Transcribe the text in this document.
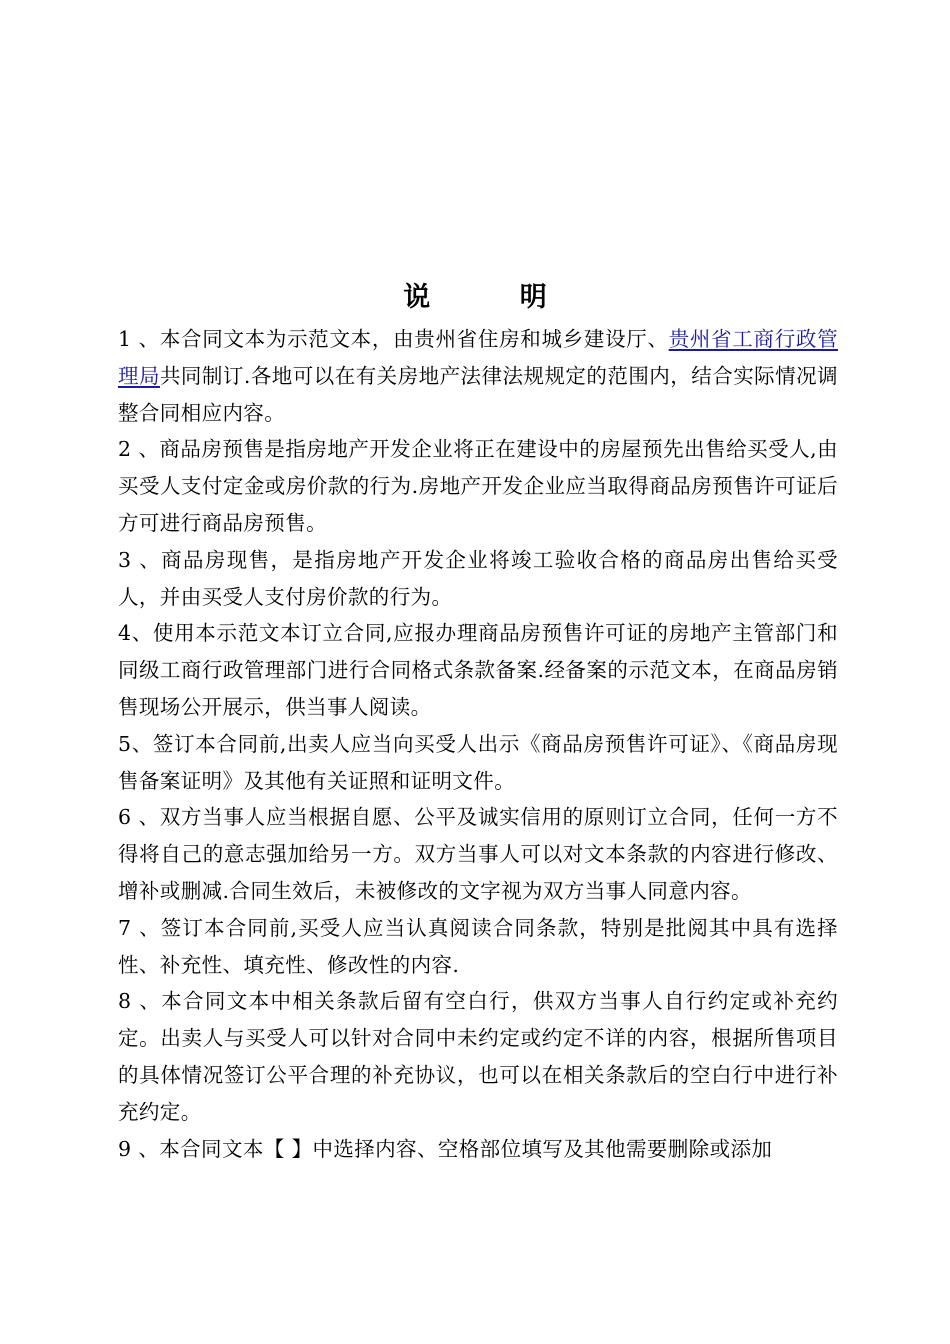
说 明

1 、本合同文本为示范文本，由贵州省住房和城乡建设厅、贵州省工商行政管理局共同制订.各地可以在有关房地产法律法规规定的范围内，结合实际情况调整合同相应内容。

2 、商品房预售是指房地产开发企业将正在建设中的房屋预先出售给买受人,由买受人支付定金或房价款的行为.房地产开发企业应当取得商品房预售许可证后方可进行商品房预售。

3 、商品房现售，是指房地产开发企业将竣工验收合格的商品房出售给买受人，并由买受人支付房价款的行为。

4、使用本示范文本订立合同,应报办理商品房预售许可证的房地产主管部门和同级工商行政管理部门进行合同格式条款备案.经备案的示范文本，在商品房销售现场公开展示，供当事人阅读。

5、签订本合同前,出卖人应当向买受人出示《商品房预售许可证》、《商品房现售备案证明》及其他有关证照和证明文件。

6 、双方当事人应当根据自愿、公平及诚实信用的原则订立合同，任何一方不得将自己的意志强加给另一方。双方当事人可以对文本条款的内容进行修改、增补或删减.合同生效后，未被修改的文字视为双方当事人同意内容。

7 、签订本合同前,买受人应当认真阅读合同条款，特别是批阅其中具有选择性、补充性、填充性、修改性的内容.

8 、本合同文本中相关条款后留有空白行，供双方当事人自行约定或补充约定。出卖人与买受人可以针对合同中未约定或约定不详的内容，根据所售项目的具体情况签订公平合理的补充协议，也可以在相关条款后的空白行中进行补充约定。

9 、本合同文本【 】中选择内容、空格部位填写及其他需要删除或添加
